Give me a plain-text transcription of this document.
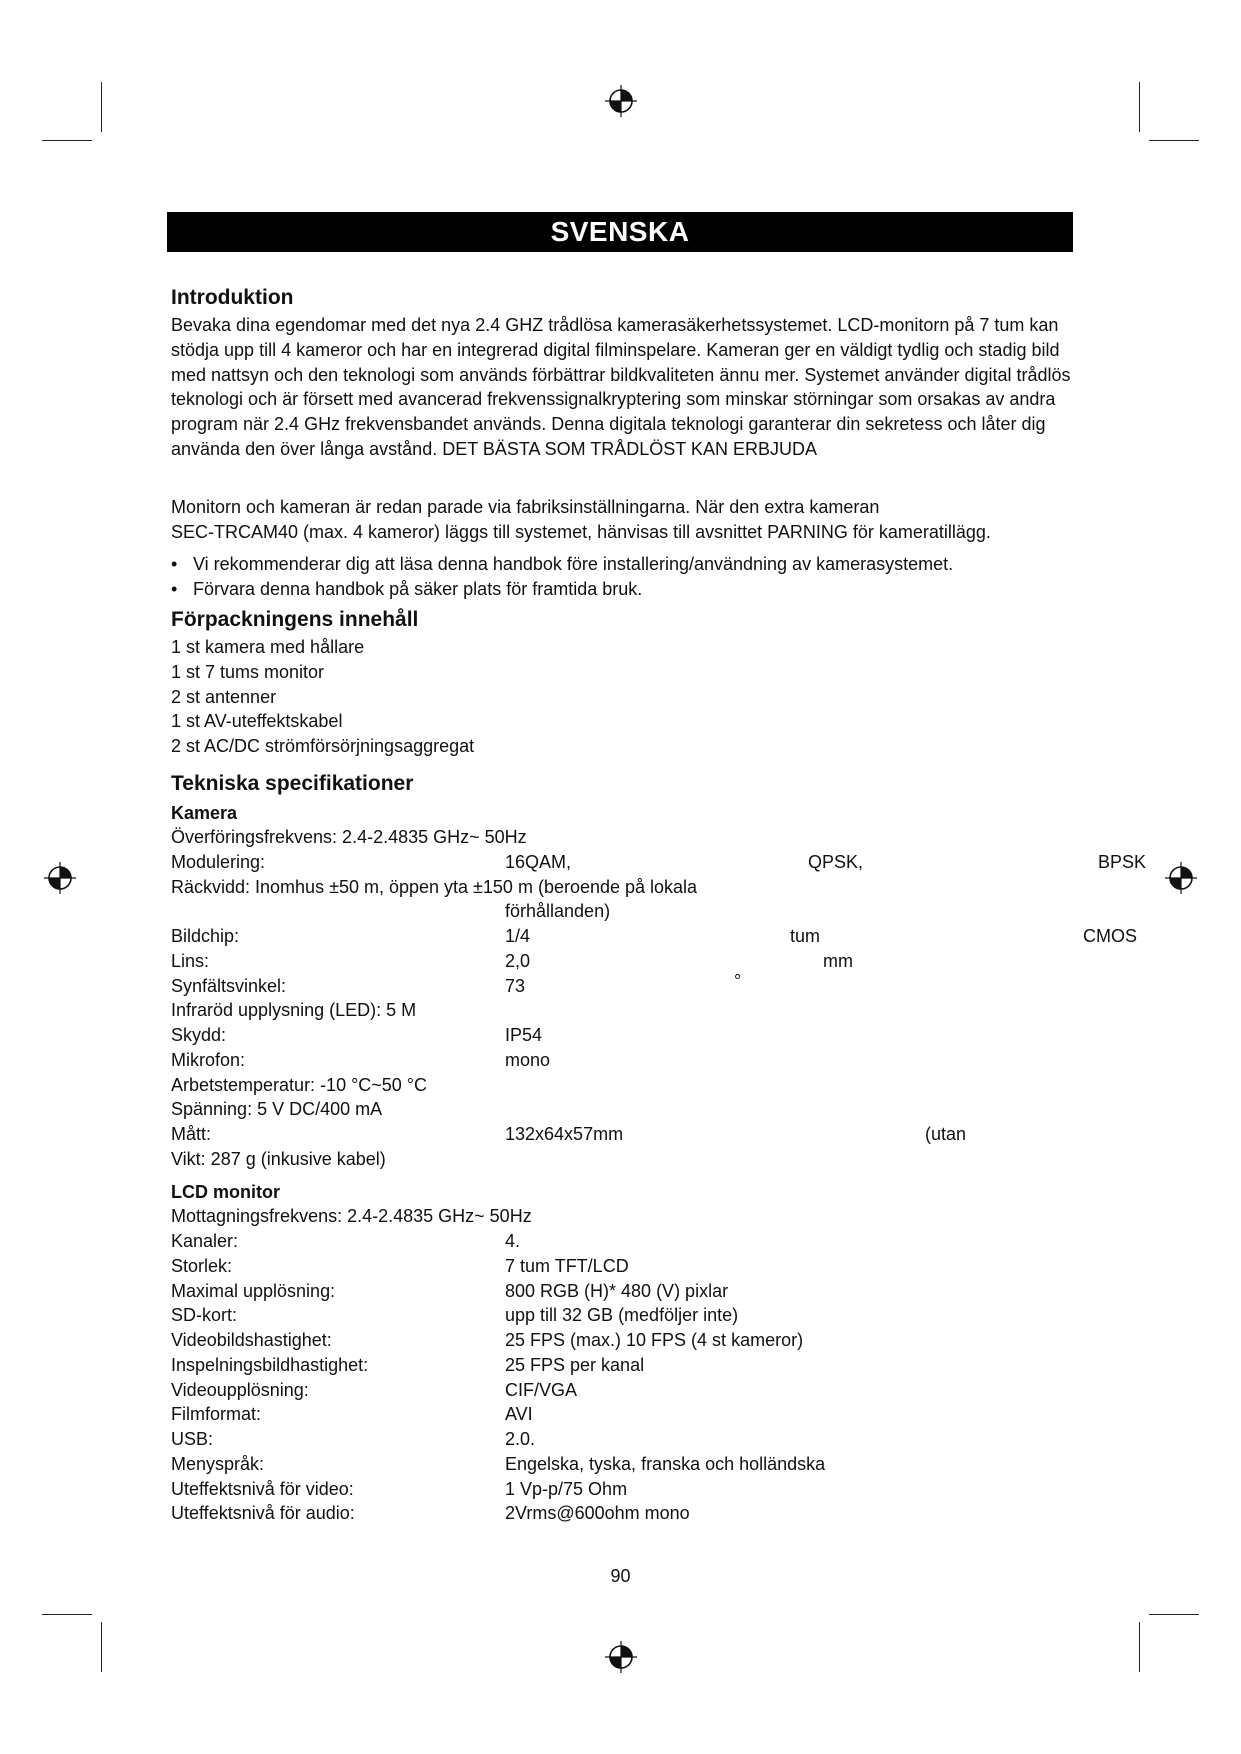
SVENSKA
Introduktion
Bevaka dina egendomar med det nya 2.4 GHZ trådlösa kamerasäkerhetssystemet. LCD-monitorn på 7 tum kan stödja upp till 4 kameror och har en integrerad digital filminspelare. Kameran ger en väldigt tydlig och stadig bild med nattsyn och den teknologi som används förbättrar bildkvaliteten ännu mer. Systemet använder digital trådlös teknologi och är försett med avancerad frekvenssignalkryptering som minskar störningar som orsakas av andra program när 2.4 GHz frekvensbandet används. Denna digitala teknologi garanterar din sekretess och låter dig använda den över långa avstånd. DET BÄSTA SOM TRÅDLÖST KAN ERBJUDA
Monitorn och kameran är redan parade via fabriksinställningarna. När den extra kameran
SEC-TRCAM40 (max. 4 kameror) läggs till systemet, hänvisas till avsnittet PARNING för kameratillägg.
• Vi rekommenderar dig att läsa denna handbok före installering/användning av kamerasystemet.
• Förvara denna handbok på säker plats för framtida bruk.
Förpackningens innehåll
1 st kamera med hållare
1 st 7 tums monitor
2 st antenner
1 st AV-uteffektskabel
2 st AC/DC strömförsörjningsaggregat
Tekniska specifikationer
Kamera
Överföringsfrekvens: 2.4-2.4835 GHz~ 50Hz
Modulering:	16QAM,	QPSK,	BPSK
Räckvidd: Inomhus ±50 m, öppen yta ±150 m (beroende på lokala
förhållanden)
Bildchip:	1/4	tum	CMOS
Lins:	2,0	mm
Synfältsvinkel:	73	°
Infraröd upplysning (LED): 5 M
Skydd:	IP54
Mikrofon:	mono
Arbetstemperatur: -10 °C~50 °C
Spänning: 5 V DC/400 mA
Mått:	132x64x57mm	(utan
Vikt: 287 g (inkusive kabel)
LCD monitor
Mottagningsfrekvens: 2.4-2.4835 GHz~ 50Hz
Kanaler:	4.
Storlek:	7 tum TFT/LCD
Maximal upplösning:	800 RGB (H)* 480 (V) pixlar
SD-kort:	upp till 32 GB (medföljer inte)
Videobildshastighet:	25 FPS (max.) 10 FPS (4 st kameror)
Inspelningsbildhastighet:	25 FPS per kanal
Videoupplösning:	CIF/VGA
Filmformat:	AVI
USB:	2.0.
Menyspråk:	Engelska, tyska, franska och holländska
Uteffektsnivå för video:	1 Vp-p/75 Ohm
Uteffektsnivå för audio:	2Vrms@600ohm mono
90
